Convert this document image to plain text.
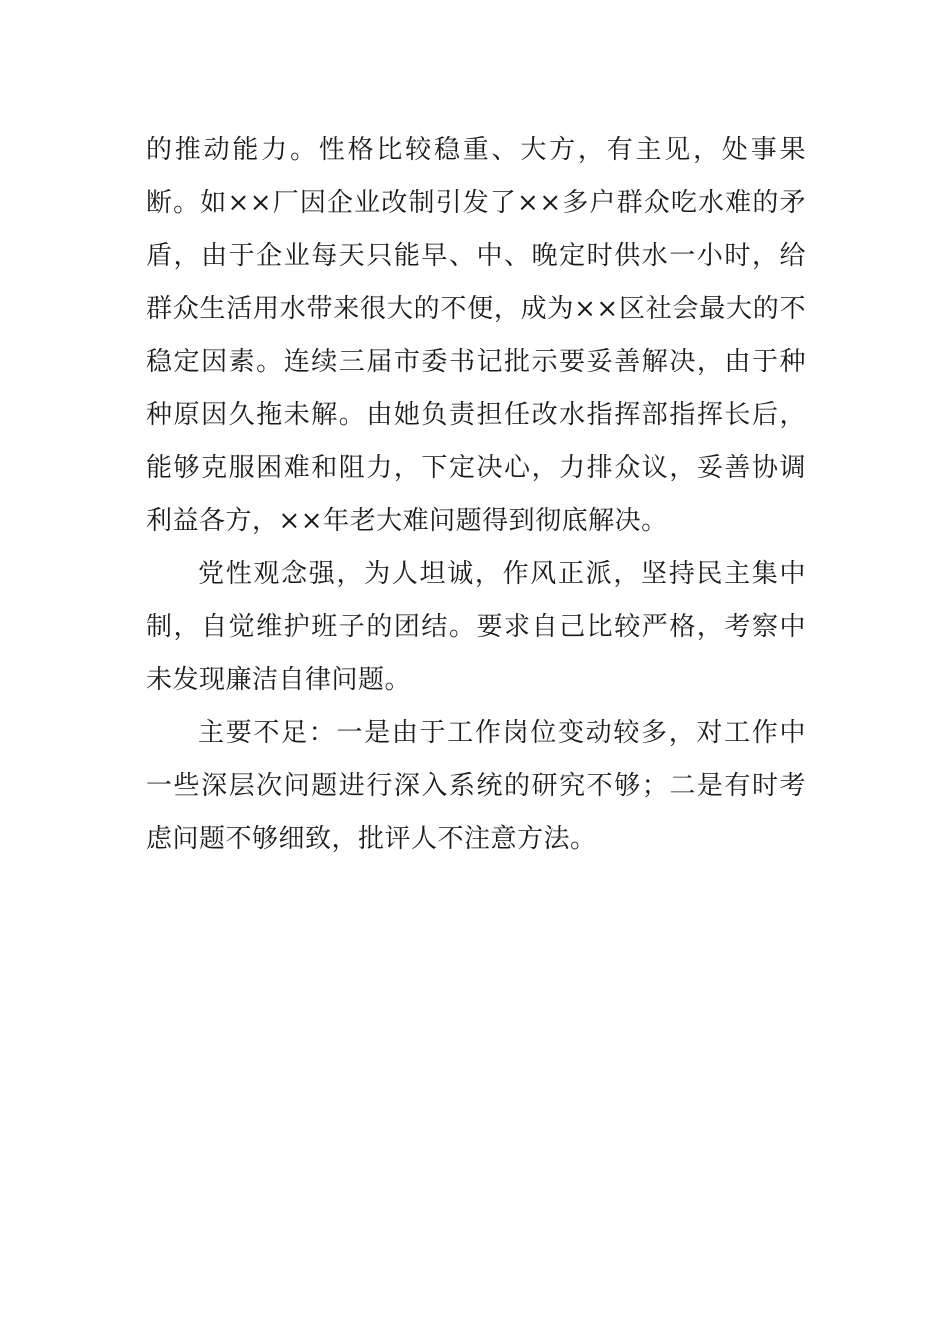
的推动能力。性格比较稳重、大方，有主见，处事果断。如××厂因企业改制引发了××多户群众吃水难的矛盾，由于企业每天只能早、中、晚定时供水一小时，给群众生活用水带来很大的不便，成为××区社会最大的不稳定因素。连续三届市委书记批示要妥善解决，由于种种原因久拖未解。由她负责担任改水指挥部指挥长后，能够克服困难和阻力，下定决心，力排众议，妥善协调利益各方，××年老大难问题得到彻底解决。

党性观念强，为人坦诚，作风正派，坚持民主集中制，自觉维护班子的团结。要求自己比较严格，考察中未发现廉洁自律问题。

主要不足：一是由于工作岗位变动较多，对工作中一些深层次问题进行深入系统的研究不够；二是有时考虑问题不够细致，批评人不注意方法。
